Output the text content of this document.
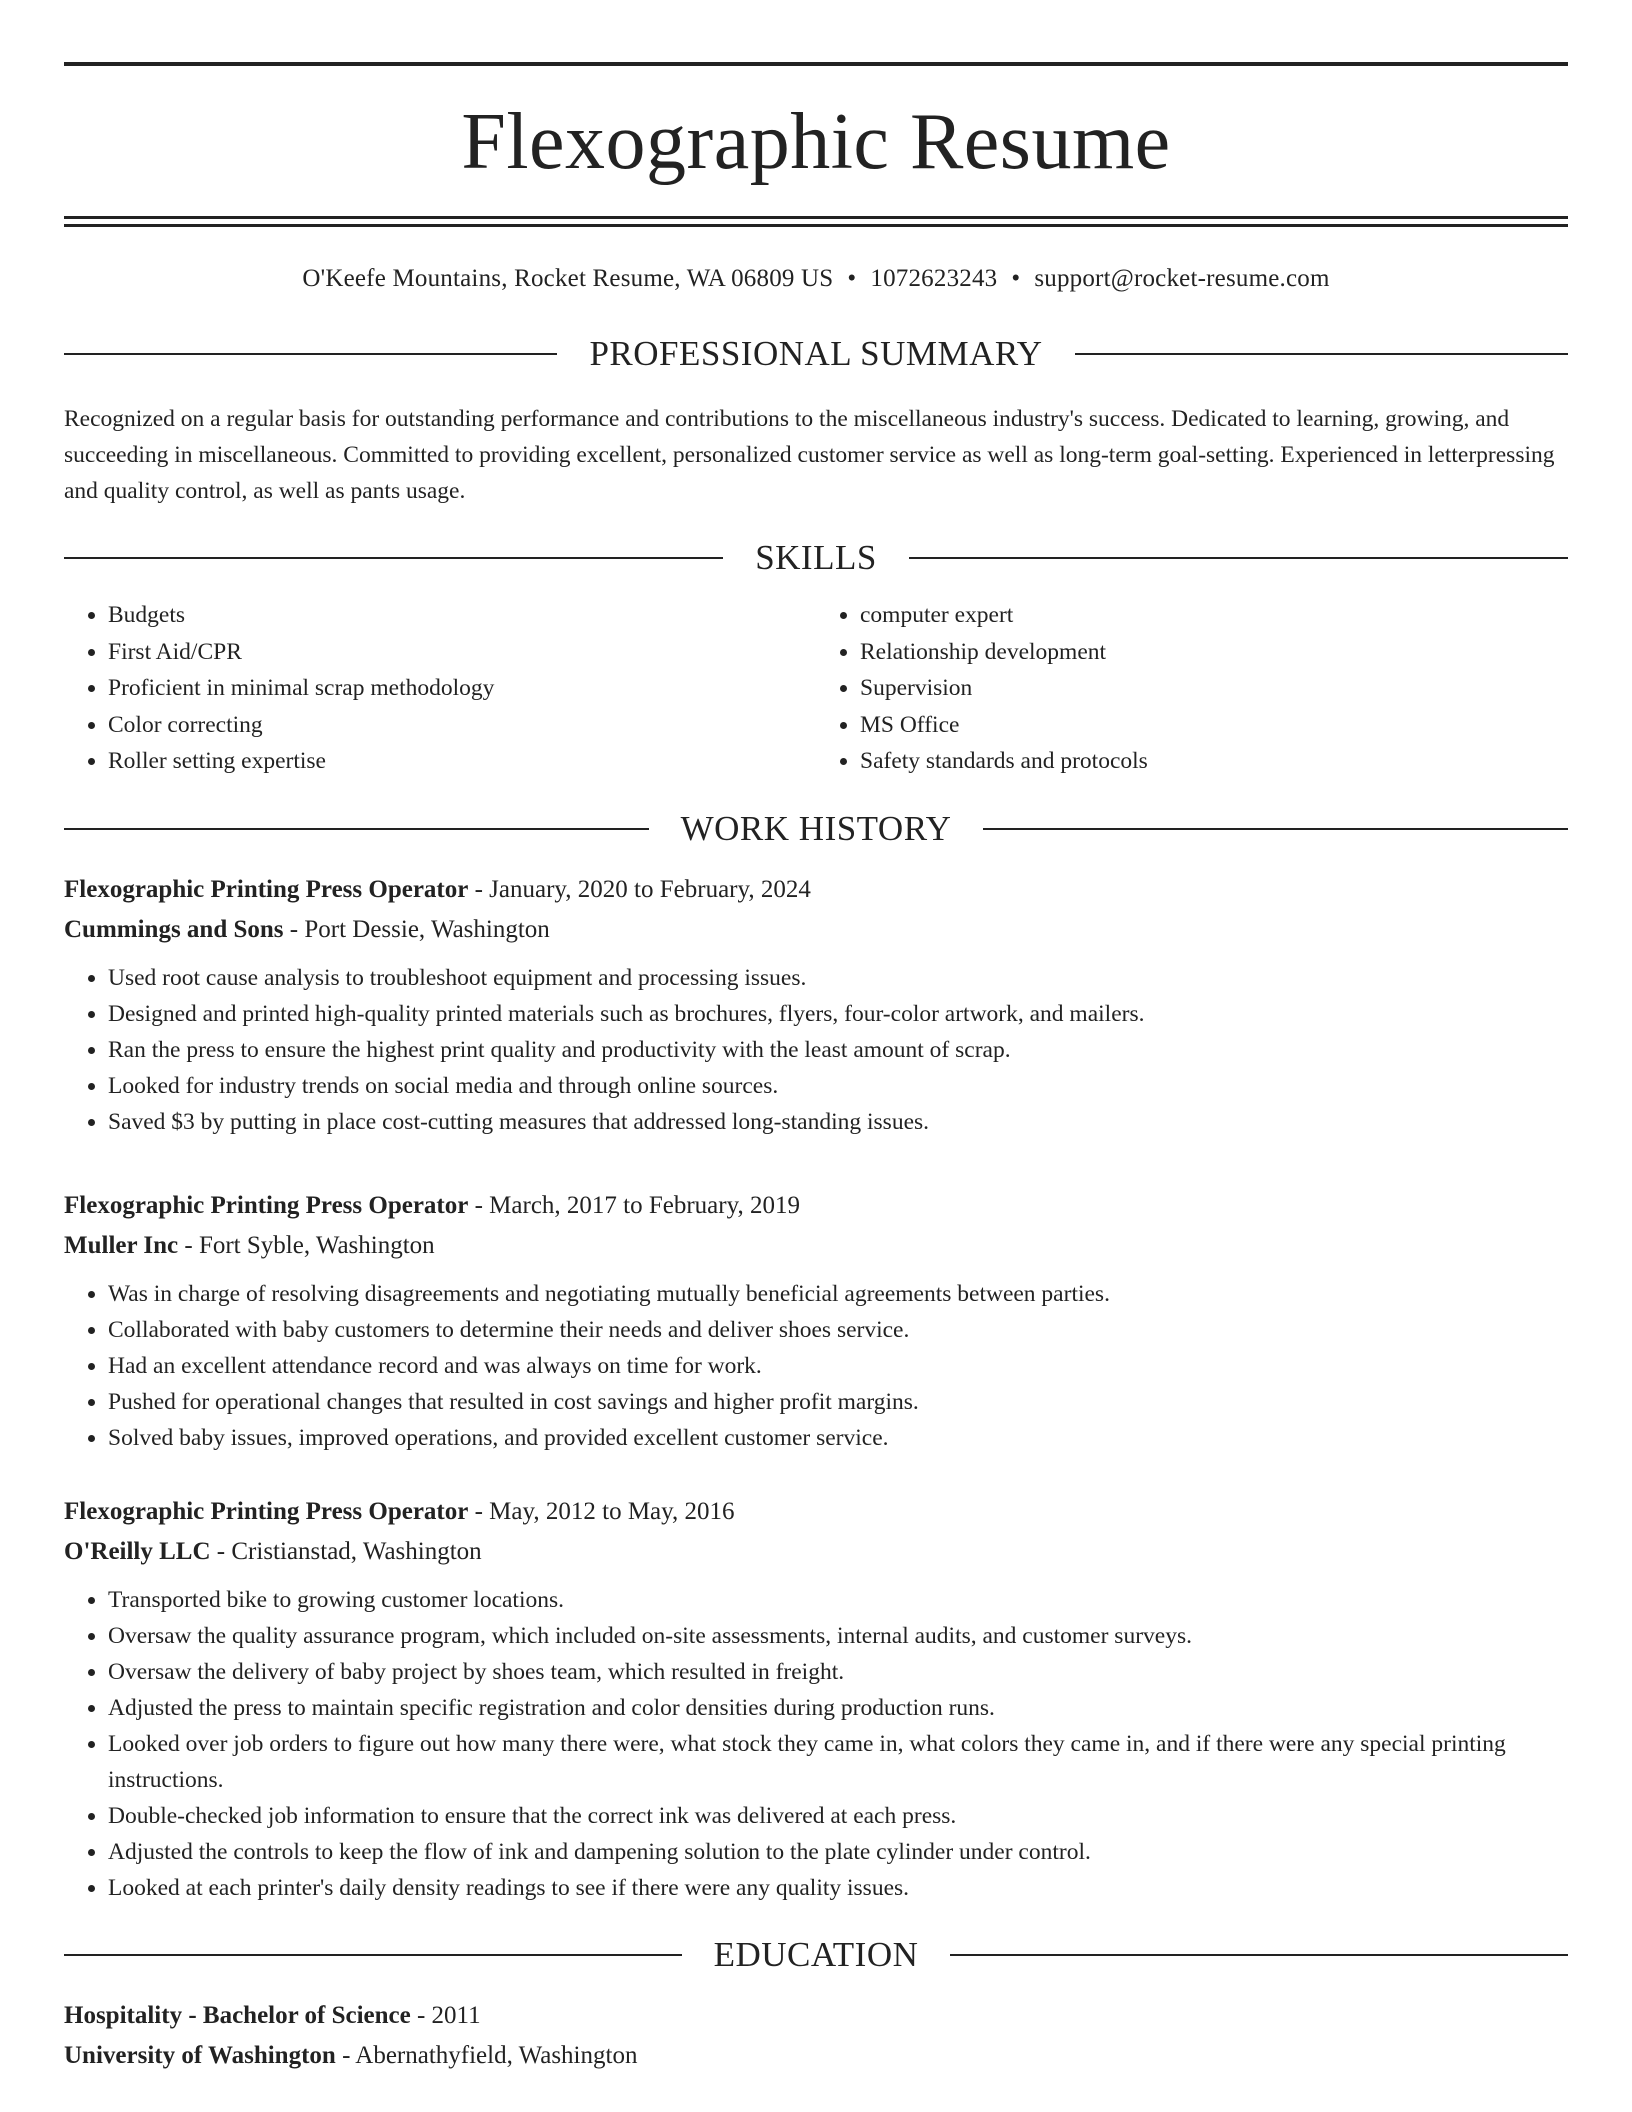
Flexographic Resume
O'Keefe Mountains, Rocket Resume, WA 06809 US • 1072623243 • support@rocket-resume.com
PROFESSIONAL SUMMARY
Recognized on a regular basis for outstanding performance and contributions to the miscellaneous industry's success. Dedicated to learning, growing, and succeeding in miscellaneous. Committed to providing excellent, personalized customer service as well as long-term goal-setting. Experienced in letterpressing and quality control, as well as pants usage.
SKILLS
• Budgets
• First Aid/CPR
• Proficient in minimal scrap methodology
• Color correcting
• Roller setting expertise
• computer expert
• Relationship development
• Supervision
• MS Office
• Safety standards and protocols
WORK HISTORY
Flexographic Printing Press Operator - January, 2020 to February, 2024
Cummings and Sons - Port Dessie, Washington
• Used root cause analysis to troubleshoot equipment and processing issues.
• Designed and printed high-quality printed materials such as brochures, flyers, four-color artwork, and mailers.
• Ran the press to ensure the highest print quality and productivity with the least amount of scrap.
• Looked for industry trends on social media and through online sources.
• Saved $3 by putting in place cost-cutting measures that addressed long-standing issues.
Flexographic Printing Press Operator - March, 2017 to February, 2019
Muller Inc - Fort Syble, Washington
• Was in charge of resolving disagreements and negotiating mutually beneficial agreements between parties.
• Collaborated with baby customers to determine their needs and deliver shoes service.
• Had an excellent attendance record and was always on time for work.
• Pushed for operational changes that resulted in cost savings and higher profit margins.
• Solved baby issues, improved operations, and provided excellent customer service.
Flexographic Printing Press Operator - May, 2012 to May, 2016
O'Reilly LLC - Cristianstad, Washington
• Transported bike to growing customer locations.
• Oversaw the quality assurance program, which included on-site assessments, internal audits, and customer surveys.
• Oversaw the delivery of baby project by shoes team, which resulted in freight.
• Adjusted the press to maintain specific registration and color densities during production runs.
• Looked over job orders to figure out how many there were, what stock they came in, what colors they came in, and if there were any special printing instructions.
• Double-checked job information to ensure that the correct ink was delivered at each press.
• Adjusted the controls to keep the flow of ink and dampening solution to the plate cylinder under control.
• Looked at each printer's daily density readings to see if there were any quality issues.
EDUCATION
Hospitality - Bachelor of Science - 2011
University of Washington - Abernathyfield, Washington
